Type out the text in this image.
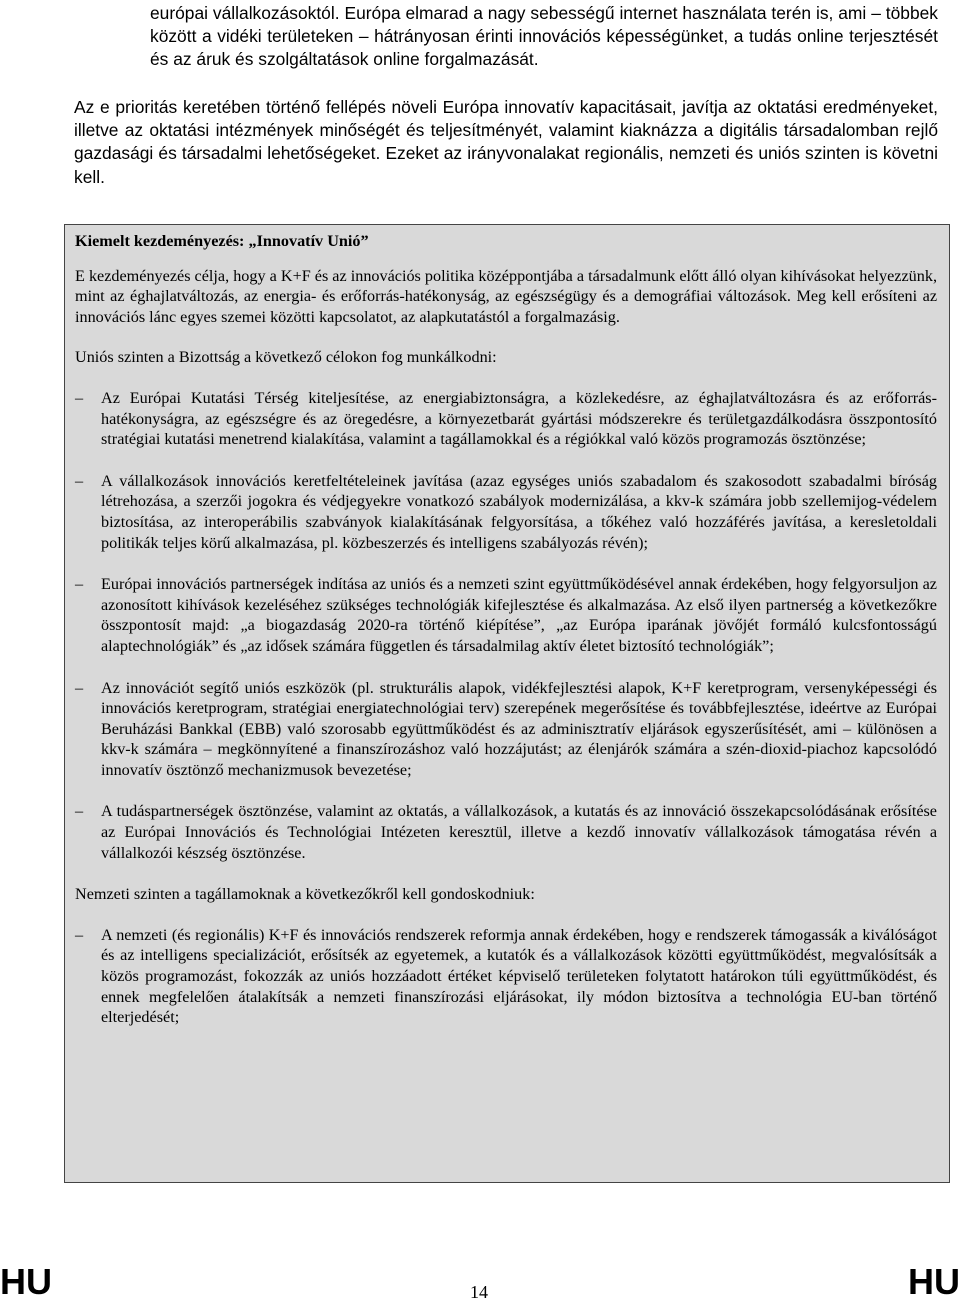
európai vállalkozásoktól. Európa elmarad a nagy sebességű internet használata terén is, ami – többek között a vidéki területeken – hátrányosan érinti innovációs képességünket, a tudás online terjesztését és az áruk és szolgáltatások online forgalmazását.

Az e prioritás keretében történő fellépés növeli Európa innovatív kapacitásait, javítja az oktatási eredményeket, illetve az oktatási intézmények minőségét és teljesítményét, valamint kiaknázza a digitális társadalomban rejlő gazdasági és társadalmi lehetőségeket. Ezeket az irányvonalakat regionális, nemzeti és uniós szinten is követni kell.

Kiemelt kezdeményezés: „Innovatív Unió”

E kezdeményezés célja, hogy a K+F és az innovációs politika középpontjába a társadalmunk előtt álló olyan kihívásokat helyezzünk, mint az éghajlatváltozás, az energia- és erőforrás-hatékonyság, az egészségügy és a demográfiai változások. Meg kell erősíteni az innovációs lánc egyes szemei közötti kapcsolatot, az alapkutatástól a forgalmazásig.

Uniós szinten a Bizottság a következő célokon fog munkálkodni:

–	Az Európai Kutatási Térség kiteljesítése, az energiabiztonságra, a közlekedésre, az éghajlatváltozásra és az erőforrás-hatékonyságra, az egészségre és az öregedésre, a környezetbarát gyártási módszerekre és területgazdálkodásra összpontosító stratégiai kutatási menetrend kialakítása, valamint a tagállamokkal és a régiókkal való közös programozás ösztönzése;
–	A vállalkozások innovációs keretfeltételeinek javítása (azaz egységes uniós szabadalom és szakosodott szabadalmi bíróság létrehozása, a szerzői jogokra és védjegyekre vonatkozó szabályok modernizálása, a kkv-k számára jobb szellemijog-védelem biztosítása, az interoperábilis szabványok kialakításának felgyorsítása, a tőkéhez való hozzáférés javítása, a keresletoldali politikák teljes körű alkalmazása, pl. közbeszerzés és intelligens szabályozás révén);
–	Európai innovációs partnerségek indítása az uniós és a nemzeti szint együttműködésével annak érdekében, hogy felgyorsuljon az azonosított kihívások kezeléséhez szükséges technológiák kifejlesztése és alkalmazása. Az első ilyen partnerség a következőkre összpontosít majd: „a biogazdaság 2020-ra történő kiépítése”, „az Európa iparának jövőjét formáló kulcsfontosságú alaptechnológiák” és „az idősek számára független és társadalmilag aktív életet biztosító technológiák”;
–	Az innovációt segítő uniós eszközök (pl. strukturális alapok, vidékfejlesztési alapok, K+F keretprogram, versenyképességi és innovációs keretprogram, stratégiai energiatechnológiai terv) szerepének megerősítése és továbbfejlesztése, ideértve az Európai Beruházási Bankkal (EBB) való szorosabb együttműködést és az adminisztratív eljárások egyszerűsítését, ami – különösen a kkv-k számára – megkönnyítené a finanszírozáshoz való hozzájutást; az élenjárók számára a szén-dioxid-piachoz kapcsolódó innovatív ösztönző mechanizmusok bevezetése;
–	A tudáspartnerségek ösztönzése, valamint az oktatás, a vállalkozások, a kutatás és az innováció összekapcsolódásának erősítése az Európai Innovációs és Technológiai Intézeten keresztül, illetve a kezdő innovatív vállalkozások támogatása révén a vállalkozói készség ösztönzése.

Nemzeti szinten a tagállamoknak a következőkről kell gondoskodniuk:

–	A nemzeti (és regionális) K+F és innovációs rendszerek reformja annak érdekében, hogy e rendszerek támogassák a kiválóságot és az intelligens specializációt, erősítsék az egyetemek, a kutatók és a vállalkozások közötti együttműködést, megvalósítsák a közös programozást, fokozzák az uniós hozzáadott értéket képviselő területeken folytatott határokon túli együttműködést, és ennek megfelelően átalakítsák a nemzeti finanszírozási eljárásokat, ily módon biztosítva a technológia EU-ban történő elterjedését;
HU	14	HU
